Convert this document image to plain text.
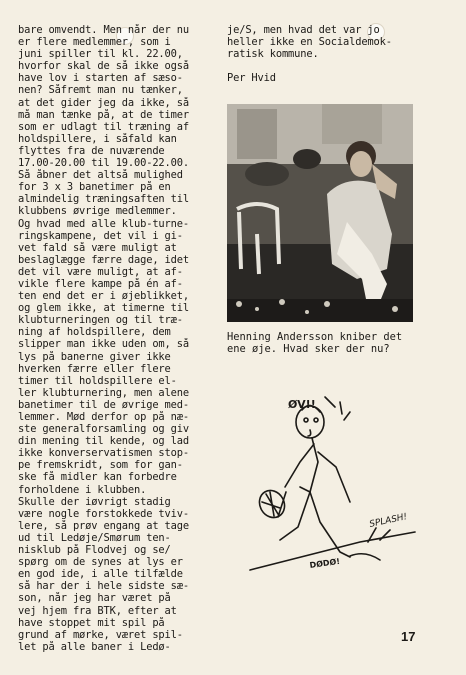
bare omvendt. Men når der nu
er flere medlemmer, som i
juni spiller til kl. 22.00,
hvorfor skal de så ikke også
have lov i starten af sæso-
nen? Såfremt man nu tænker,
at det gider jeg da ikke, så
må man tænke på, at de timer
som er udlagt til træning af
holdspillere, i såfald kan
flyttes fra de nuværende
17.00-20.00 til 19.00-22.00.
Så åbner det altså mulighed
for 3 x 3 banetimer på en
almindelig træningsaften til
klubbens øvrige medlemmer.
Og hvad med alle klub-turne-
ringskampene, det vil i gi-
vet fald så være muligt at
beslaglægge færre dage, idet
det vil være muligt, at af-
vikle flere kampe på én af-
ten end det er i øjeblikket,
og glem ikke, at timerne til
klubturneringen og til træ-
ning af holdspillere, dem
slipper man ikke uden om, så
lys på banerne giver ikke
hverken færre eller flere
timer til holdspillere el-
ler klubturnering, men alene
banetimer til de øvrige med-
lemmer. Mød derfor op på næ-
ste generalforsamling og giv
din mening til kende, og lad
ikke konverservatismen stop-
pe fremskridt, som for gan-
ske få midler kan forbedre
forholdene i klubben.
Skulle der iøvrigt stadig
være nogle forstokkede tviv-
lere, så prøv engang at tage
ud til Ledøje/Smørum ten-
nisklub på Flodvej og se/
spørg om de synes at lys er
en god ide, i alle tilfælde
så har der i hele sidste sæ-
son, når jeg har været på
vej hjem fra BTK, efter at
have stoppet mit spil på
grund af mørke, været spil-
let på alle baner i Ledø-
je/S, men hvad det var jo
heller ikke en Socialdemok-
ratisk kommune.
Per Hvid
Henning Andersson kniber det
ene øje. Hvad sker der nu?
ØV!!
SPLASH!
DØDØ!
17
